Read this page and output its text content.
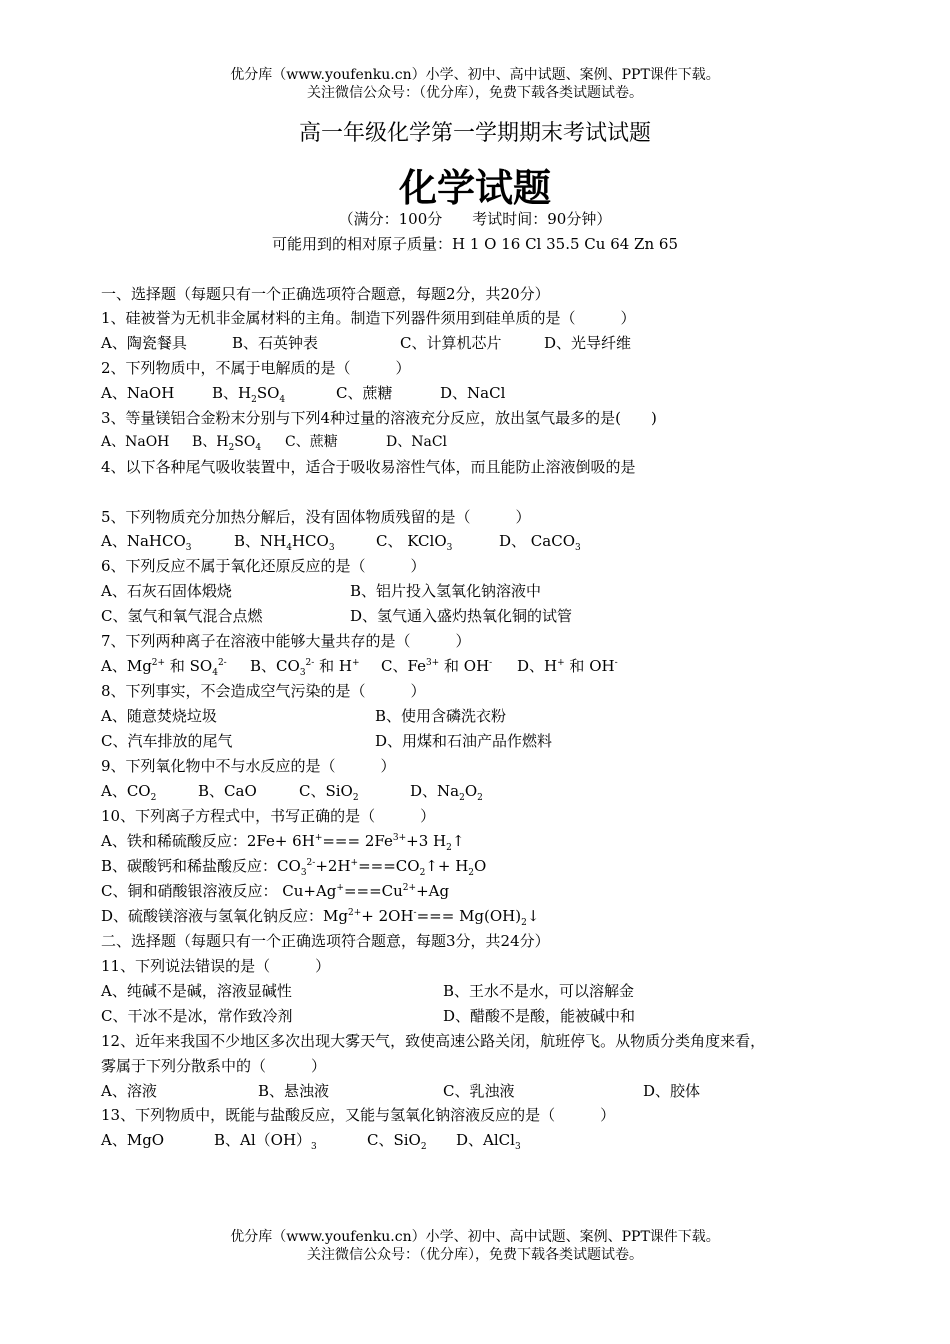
优分库（www.youfenku.cn）小学、初中、高中试题、案例、PPT课件下载。
关注微信公众号：（优分库），免费下载各类试题试卷。
高一年级化学第一学期期末考试试题
化学试题
（满分：100分　　考试时间：90分钟）
可能用到的相对原子质量：H 1 O 16 Cl 35.5 Cu 64 Zn 65
一、选择题（每题只有一个正确选项符合题意，每题2分，共20分）
1、硅被誉为无机非金属材料的主角。制造下列器件须用到硅单质的是（　　　）
A、陶瓷餐具	B、石英钟表	C、计算机芯片	D、光导纤维
2、下列物质中，不属于电解质的是（　　　）
A、NaOH	B、$H_2SO_4$	C、蔗糖	D、NaCl
3、等量镁铝合金粉末分别与下列4种过量的溶液充分反应，放出氢气最多的是(　　)
A、NaOH B、$H_2SO_4$ C、蔗糖	D、NaCl
4、以下各种尾气吸收装置中，适合于吸收易溶性气体，而且能防止溶液倒吸的是
5、下列物质充分加热分解后，没有固体物质残留的是（　　　）
A、NaHCO$_3$	B、$NH_4HCO_3$	C、 KClO$_3$	D、 CaCO$_3$
6、下列反应不属于氧化还原反应的是（　　　）
A、石灰石固体煅烧	B、铝片投入氢氧化钠溶液中
C、氢气和氧气混合点燃	D、氢气通入盛灼热氧化铜的试管
7、下列两种离子在溶液中能够大量共存的是（　　　）
A、$Mg^{2+}$ 和 $SO_4^{2-}$ B、$CO_3^{2-}$ 和 H+ C、$Fe^{3+}$ 和 OH- D、H+ 和 OH-
8、下列事实，不会造成空气污染的是（　　　）
A、随意焚烧垃圾	B、使用含磷洗衣粉
C、汽车排放的尾气	D、用煤和石油产品作燃料
9、下列氧化物中不与水反应的是（　　　）
A、$CO_2$	B、CaO	C、SiO$_2$	D、$Na_2O_2$
10、下列离子方程式中，书写正确的是（　　　）
A、铁和稀硫酸反应：$2Fe+ 6H^+=== 2Fe^{3+}+3$ $H_2↑$
B、碳酸钙和稀盐酸反应：$CO_3^{2-}+2H^+===CO_2↑+ H_2O$
C、铜和硝酸银溶液反应： $Cu+Ag^+===Cu^{2+}+Ag$
D、硫酸镁溶液与氢氧化钠反应：$Mg^{2+}+ 2OH^-===$ $Mg(OH)_2↓$
二、选择题（每题只有一个正确选项符合题意，每题3分，共24分）
11、下列说法错误的是（　　　）
A、纯碱不是碱，溶液显碱性	B、王水不是水，可以溶解金
C、干冰不是冰，常作致冷剂	D、醋酸不是酸，能被碱中和
12、近年来我国不少地区多次出现大雾天气，致使高速公路关闭，航班停飞。从物质分类角度来看，
雾属于下列分散系中的（　　　）
A、溶液	B、悬浊液	C、乳浊液	D、胶体
13、下列物质中，既能与盐酸反应，又能与氢氧化钠溶液反应的是（　　　）
A、MgO	B、$Al(OH)_3$	C、SiO$_2$ D、AlCl$_3$
优分库（www.youfenku.cn）小学、初中、高中试题、案例、PPT课件下载。
关注微信公众号：（优分库），免费下载各类试题试卷。
